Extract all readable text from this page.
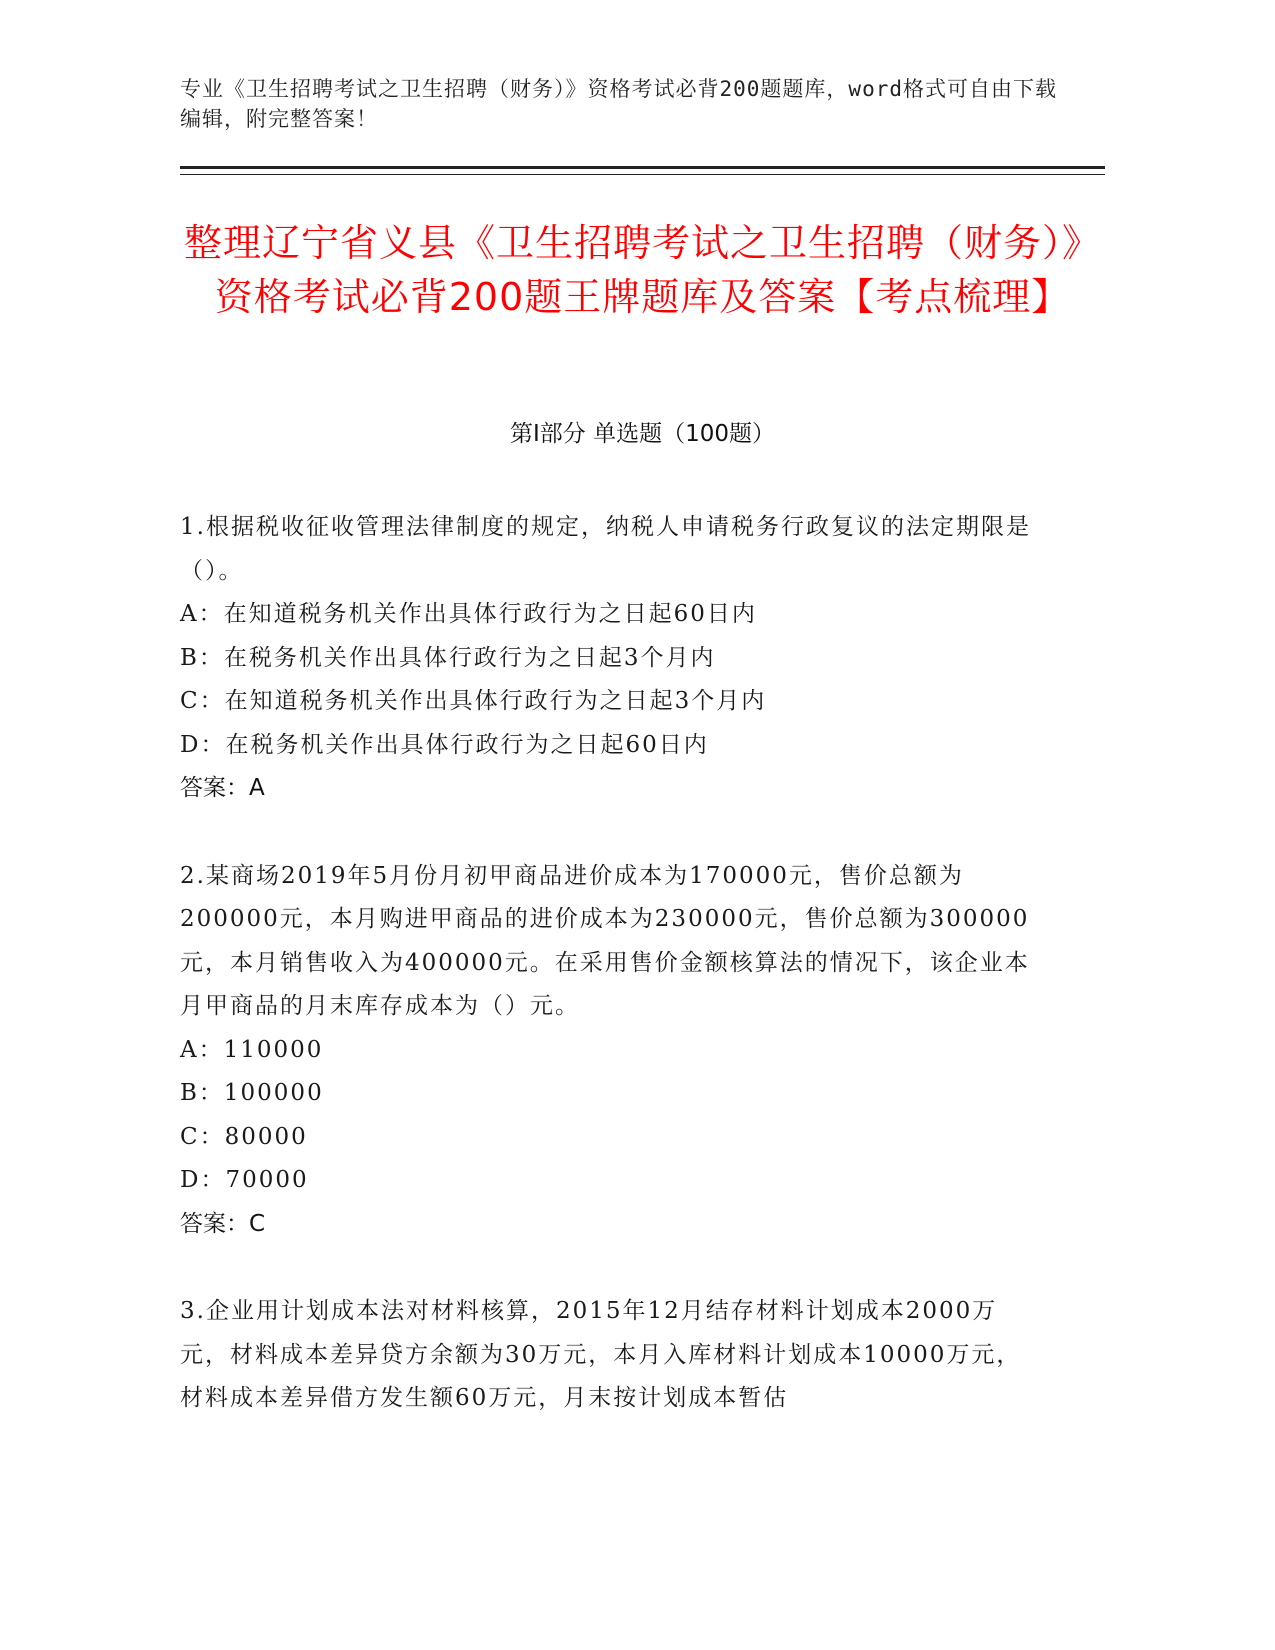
专业《卫生招聘考试之卫生招聘（财务）》资格考试必背200题题库，word格式可自由下载编辑，附完整答案！
整理辽宁省义县《卫生招聘考试之卫生招聘（财务）》资格考试必背200题王牌题库及答案【考点梳理】
第I部分 单选题（100题）
1.根据税收征收管理法律制度的规定，纳税人申请税务行政复议的法定期限是（）。
A：在知道税务机关作出具体行政行为之日起60日内
B：在税务机关作出具体行政行为之日起3个月内
C：在知道税务机关作出具体行政行为之日起3个月内
D：在税务机关作出具体行政行为之日起60日内
答案：A
2.某商场2019年5月份月初甲商品进价成本为170000元，售价总额为200000元，本月购进甲商品的进价成本为230000元，售价总额为300000元，本月销售收入为400000元。在采用售价金额核算法的情况下，该企业本月甲商品的月末库存成本为（）元。
A：110000
B：100000
C：80000
D：70000
答案：C
3.企业用计划成本法对材料核算，2015年12月结存材料计划成本2000万元，材料成本差异贷方余额为30万元，本月入库材料计划成本10000万元，材料成本差异借方发生额60万元，月末按计划成本暂估
